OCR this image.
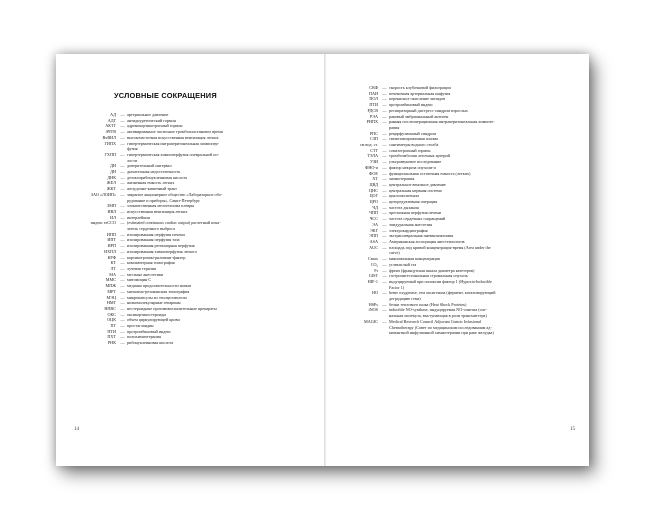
УСЛОВНЫЕ СОКРАЩЕНИЯ
АД	— артериальное давление
АДГ	— антидиуретический гормон
АКТГ	— адренокортикотропный гормон
АЧТВ	— активированное частичное тромбопластиновое время
ВчВИЛ	— высокочастотная искусственная вентиляция легких
ГИПХ	— гипертермическая интраперитонеальная химиопер-
фузия
ГХПП	— гипертермическая химиоперфузия плевральной по-
лости
ДИ	— доверительный интервал
ДН	— дыхательная недостаточность
ДНК	— дезоксирибонуклеиновая кислота
ЖЕЛ	— жизненная емкость легких
ЖКТ	— желудочно-кишечный тракт
ЗАО «ЛОИП»	— закрытое акционерное общество «Лабораторное обо-
рудование и приборы», Санкт-Петербург
ЗМП	— злокачественная мезотелиома плевры
ИВЛ	— искусственная вентиляция легких
ИЛ	— интерлейкин
индекс esCCO	— (estimated continuous cardiac output) расчетный пока-
затель сердечного выброса
ИПП	— изолированная перфузия печени
ИПТ	— изолированная перфузия таза
ИРП	— изолированная регионарная перфузия
ИХПЛ	— изолированная химиоперфузия легкого
КРФ	— кортикотропин-рилизинг-фактор
КТ	— компьютерная томография
ЛТ	— лучевая терапия
МА	— местные анестетики
ММС	— митомицин С
МПЖ	— медиана продолжительности жизни
МРТ	— магнитно-резонансная томография
МЭЦ	— микрокапсулы из этилцеллюлозы
НМГ	— низкомолекулярные гепарины
НПВС	— нестероидные противовоспалительные препараты
ОКС	— оксикортикостероиды
ОЦК	— объем циркулирующей крови
ПГ	— простагландин
ПТИ	— протромбиновый индекс
ПХТ	— полихимиотерапия
РНК	— рибонуклеиновая кислота
14
СКФ	— скорость клубочковой фильтрации
ПАИ	— печеночная артериальная инфузия
ПОЛ	— перекисное окисление липидов
ПТИ	— протромбиновый индекс
РДСВ	— респираторный дистресс-синдром взрослых
РЭА	— раковый эмбриональный антиген
РИПХ	— ранняя послеоперационная интраперитонеальная химиоте-
рапия
РПС	— рецирфузионный синдром
СЗП	— свежезамороженная плазма
см вод. ст.	— сантиметры водного столба
СТГ	— соматотропный гормон
ТЭЛА	— тромбоэмболия легочных артерий
УЗИ	— ультразвуковое исследование
ФНО-α	— фактор некроза опухоли-α
ФОЕ	— функциональная остаточная емкость (легких)
ХТ	— химиотерапия
ЦВД	— центральное венозное давление
ЦНС	— центральная нервная система
ЦОГ	— циклооксигеназа
ЦРО	— циторедуктивная операция
ЧД	— частота дыхания
ЧПП	— чрескожная перфузия печени
ЧСС	— частота сердечных сокращений
ЭА	— эпидуральная анестезия
ЭКГ	— электрокардиография
ЭПП	— экстраплевральная пневмонэктомия
ASA	— Американская ассоциация анестезиологов
AUC	— площадь под кривой концентрация-время (Area under the
curve)
Cmax	— максимальная концентрация
CO₂	— углекислый газ
Fr	— френч (французская шкала диаметра катетеров)
GIST	— гастроинтестинальная стромальная опухоль
HIF-1	— индуцируемый при гипоксии фактор 1 (Hypoxia-Inducible
Factor 1)
НО	— heme oxygenase, гем оксигеназа (фермент, катализирующий
деградацию гема)
HSPs	— белки теплового шока (Heat Shock Proteins)
iNOS	— inducible NO-synthase, индуцируемая NO-синтаза (сиг-
нальная молекула, выступающая в роли трансмиттера)
MAGIC	— Medical Research Council Adjuvant Gastric Infusional
Chemotherapy (Совет по медицинским исследованиям ад-
ъювантной инфузионной химиотерапии при раке желудка)
15
